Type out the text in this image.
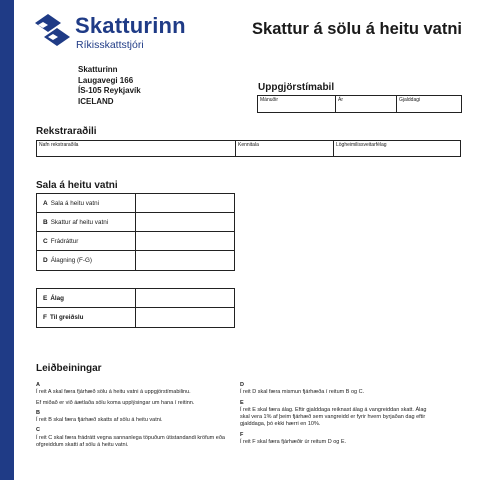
Skatturinn
Ríkisskattstjóri
Skattur á sölu á heitu vatni
Skatturinn
Laugavegi 166
ÍS-105 Reykjavík
ICELAND
Uppgjörstímabil
Mánuðir	Ár	Gjalddagi
Rekstraraðili
Nafn rekstraraðila	Kennitala	Lögheimilissveitarfélag
Sala á heitu vatni
A Sala á heitu vatni
B Skattur af heitu vatni
C Frádráttur
D Álagning (F-G)
E Álag
F Til greiðslu
Leiðbeiningar
A

Í reit A skal færa fjárhæð sölu á heitu vatni á uppgjörstímabilinu.

Ef miðað er við áætlaða sölu koma upplýsingar um hana í reitinn.

B

Í reit B skal færa fjárhæð skatts af sölu á heitu vatni.

C

Í reit C skal færa frádrátt vegna sannanlega töpuðum útistandandi kröfum eða ofgreiddum skatti af sölu á heitu vatni.

D

Í reit D skal færa mismun fjárhæða í reitum B og C.

E

Í reit E skal færa álag. Eftir gjalddaga reiknast álag á vangreiddan skatt. Álag skal vera 1% af þeim fjárhæð sem vangreidd er fyrir hvern byrjaðan dag eftir gjalddaga, þó ekki hærri en 10%.

F

Í reit F skal færa fjárhæðir úr reitum D og E.
